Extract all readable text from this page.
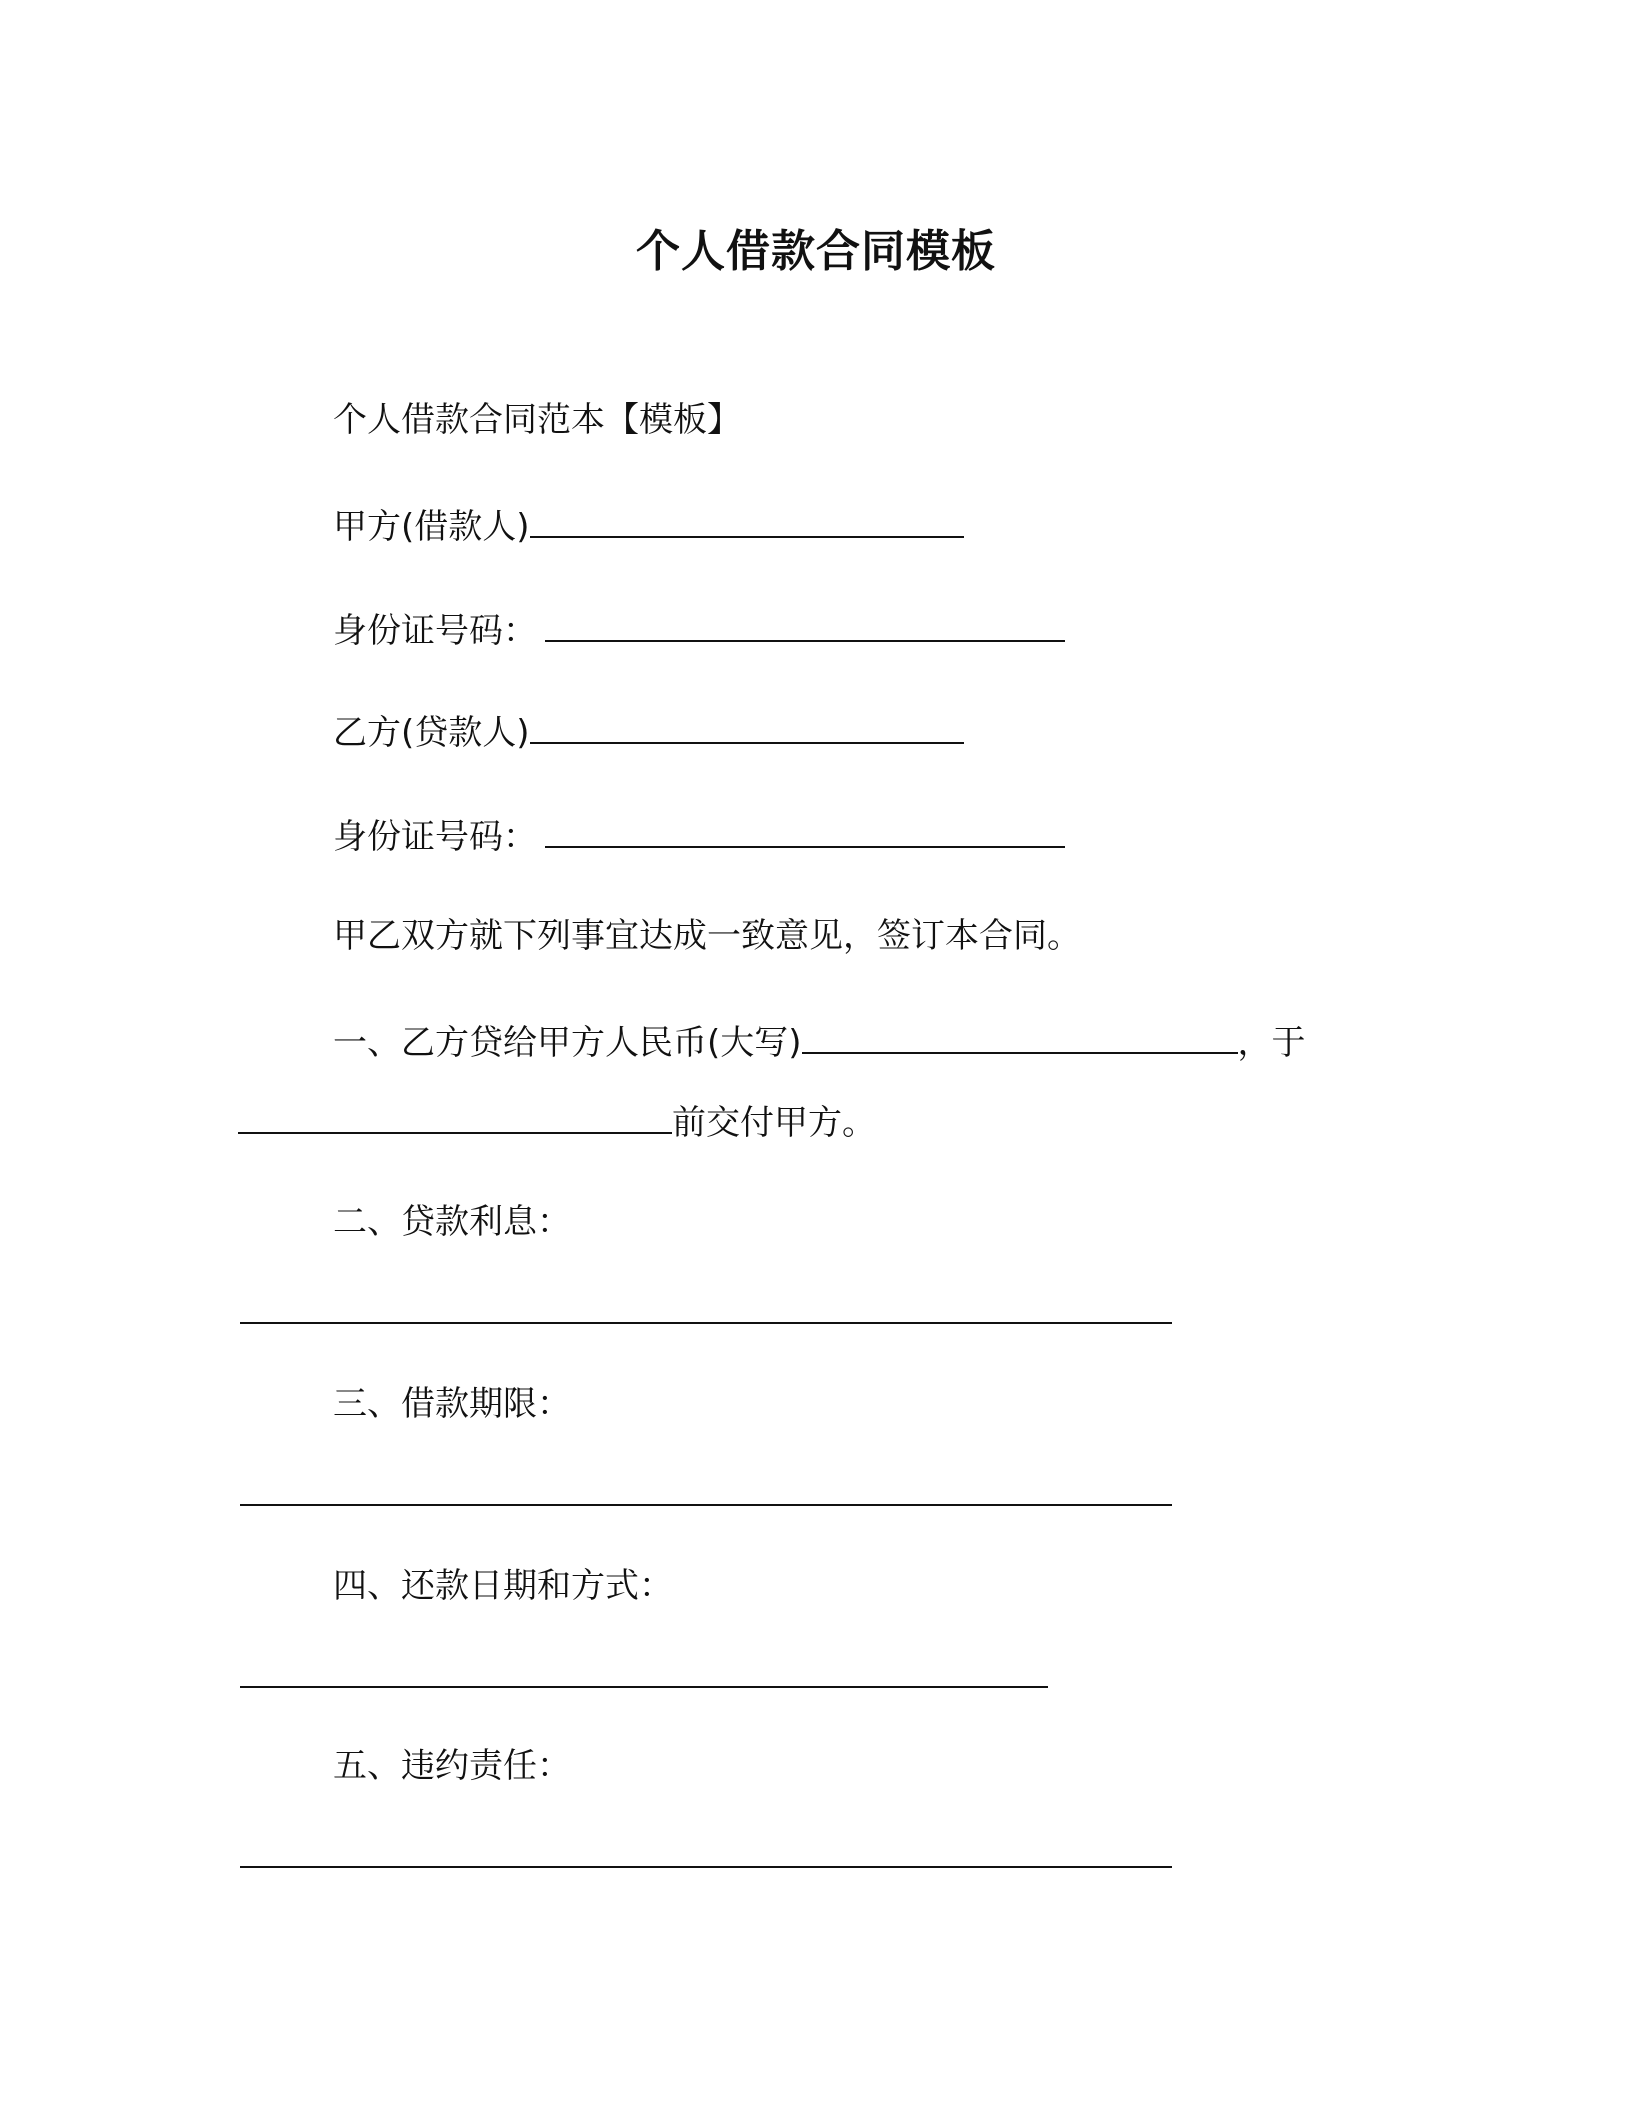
个人借款合同模板
个人借款合同范本【模板】
甲方(借款人)
身份证号码：
乙方(贷款人)
身份证号码：
甲乙双方就下列事宜达成一致意见，签订本合同。
一、乙方贷给甲方人民币(大写)	，于
前交付甲方。
二、贷款利息：
三、借款期限：
四、还款日期和方式：
五、违约责任：
